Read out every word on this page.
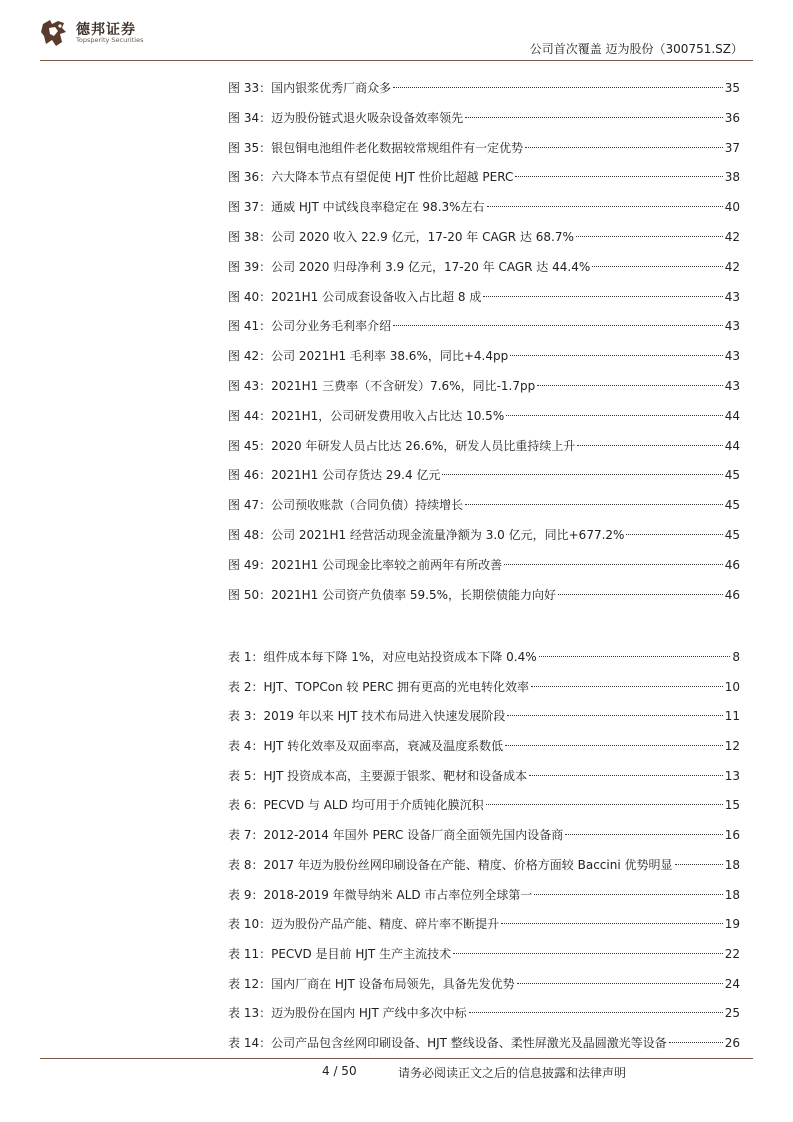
德邦证券
Topsperity Securities
公司首次覆盖 迈为股份（300751.SZ）
图 33：国内银浆优秀厂商众多	35
图 34：迈为股份链式退火吸杂设备效率领先	36
图 35：银包铜电池组件老化数据较常规组件有一定优势	37
图 36：六大降本节点有望促使 HJT 性价比超越 PERC	38
图 37：通威 HJT 中试线良率稳定在 98.3%左右	40
图 38：公司 2020 收入 22.9 亿元，17-20 年 CAGR 达 68.7%	42
图 39：公司 2020 归母净利 3.9 亿元，17-20 年 CAGR 达 44.4%	42
图 40：2021H1 公司成套设备收入占比超 8 成	43
图 41：公司分业务毛利率介绍	43
图 42：公司 2021H1 毛利率 38.6%，同比+4.4pp	43
图 43：2021H1 三费率（不含研发）7.6%，同比-1.7pp	43
图 44：2021H1，公司研发费用收入占比达 10.5%	44
图 45：2020 年研发人员占比达 26.6%，研发人员比重持续上升	44
图 46：2021H1 公司存货达 29.4 亿元	45
图 47：公司预收账款（合同负债）持续增长	45
图 48：公司 2021H1 经营活动现金流量净额为 3.0 亿元，同比+677.2%	45
图 49：2021H1 公司现金比率较之前两年有所改善	46
图 50：2021H1 公司资产负债率 59.5%，长期偿债能力向好	46
表 1：组件成本每下降 1%，对应电站投资成本下降 0.4%	8
表 2：HJT、TOPCon 较 PERC 拥有更高的光电转化效率	10
表 3：2019 年以来 HJT 技术布局进入快速发展阶段	11
表 4：HJT 转化效率及双面率高，衰减及温度系数低	12
表 5：HJT 投资成本高，主要源于银浆、靶材和设备成本	13
表 6：PECVD 与 ALD 均可用于介质钝化膜沉积	15
表 7：2012-2014 年国外 PERC 设备厂商全面领先国内设备商	16
表 8：2017 年迈为股份丝网印刷设备在产能、精度、价格方面较 Baccini 优势明显	18
表 9：2018-2019 年微导纳米 ALD 市占率位列全球第一	18
表 10：迈为股份产品产能、精度、碎片率不断提升	19
表 11：PECVD 是目前 HJT 生产主流技术	22
表 12：国内厂商在 HJT 设备布局领先，具备先发优势	24
表 13：迈为股份在国内 HJT 产线中多次中标	25
表 14：公司产品包含丝网印刷设备、HJT 整线设备、柔性屏激光及晶圆激光等设备	26
4 / 50	请务必阅读正文之后的信息披露和法律声明
